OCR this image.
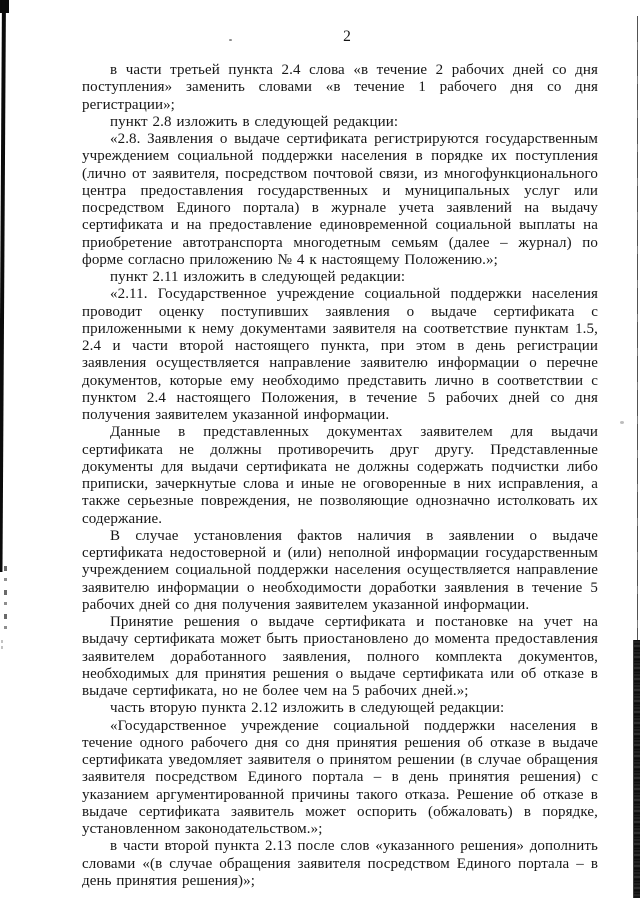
2

в части третьей пункта 2.4 слова «в течение 2 рабочих дней со дня поступления» заменить словами «в течение 1 рабочего дня со дня регистрации»;

пункт 2.8 изложить в следующей редакции:

«2.8. Заявления о выдаче сертификата регистрируются государственным учреждением социальной поддержки населения в порядке их поступления (лично от заявителя, посредством почтовой связи, из многофункционального центра предоставления государственных и муниципальных услуг или посредством Единого портала) в журнале учета заявлений на выдачу сертификата и на предоставление единовременной социальной выплаты на приобретение автотранспорта многодетным семьям (далее – журнал) по форме согласно приложению № 4 к настоящему Положению.»;

пункт 2.11 изложить в следующей редакции:

«2.11. Государственное учреждение социальной поддержки населения проводит оценку поступивших заявления о выдаче сертификата с приложенными к нему документами заявителя на соответствие пунктам 1.5, 2.4 и части второй настоящего пункта, при этом в день регистрации заявления осуществляется направление заявителю информации о перечне документов, которые ему необходимо представить лично в соответствии с пунктом 2.4 настоящего Положения, в течение 5 рабочих дней со дня получения заявителем указанной информации.

Данные в представленных документах заявителем для выдачи сертификата не должны противоречить друг другу. Представленные документы для выдачи сертификата не должны содержать подчистки либо приписки, зачеркнутые слова и иные не оговоренные в них исправления, а также серьезные повреждения, не позволяющие однозначно истолковать их содержание.

В случае установления фактов наличия в заявлении о выдаче сертификата недостоверной и (или) неполной информации государственным учреждением социальной поддержки населения осуществляется направление заявителю информации о необходимости доработки заявления в течение 5 рабочих дней со дня получения заявителем указанной информации.

Принятие решения о выдаче сертификата и постановке на учет на выдачу сертификата может быть приостановлено до момента предоставления заявителем доработанного заявления, полного комплекта документов, необходимых для принятия решения о выдаче сертификата или об отказе в выдаче сертификата, но не более чем на 5 рабочих дней.»;

часть вторую пункта 2.12 изложить в следующей редакции:

«Государственное учреждение социальной поддержки населения в течение одного рабочего дня со дня принятия решения об отказе в выдаче сертификата уведомляет заявителя о принятом решении (в случае обращения заявителя посредством Единого портала – в день принятия решения) с указанием аргументированной причины такого отказа. Решение об отказе в выдаче сертификата заявитель может оспорить (обжаловать) в порядке, установленном законодательством.»;

в части второй пункта 2.13 после слов «указанного решения» дополнить словами «(в случае обращения заявителя посредством Единого портала – в день принятия решения)»;
